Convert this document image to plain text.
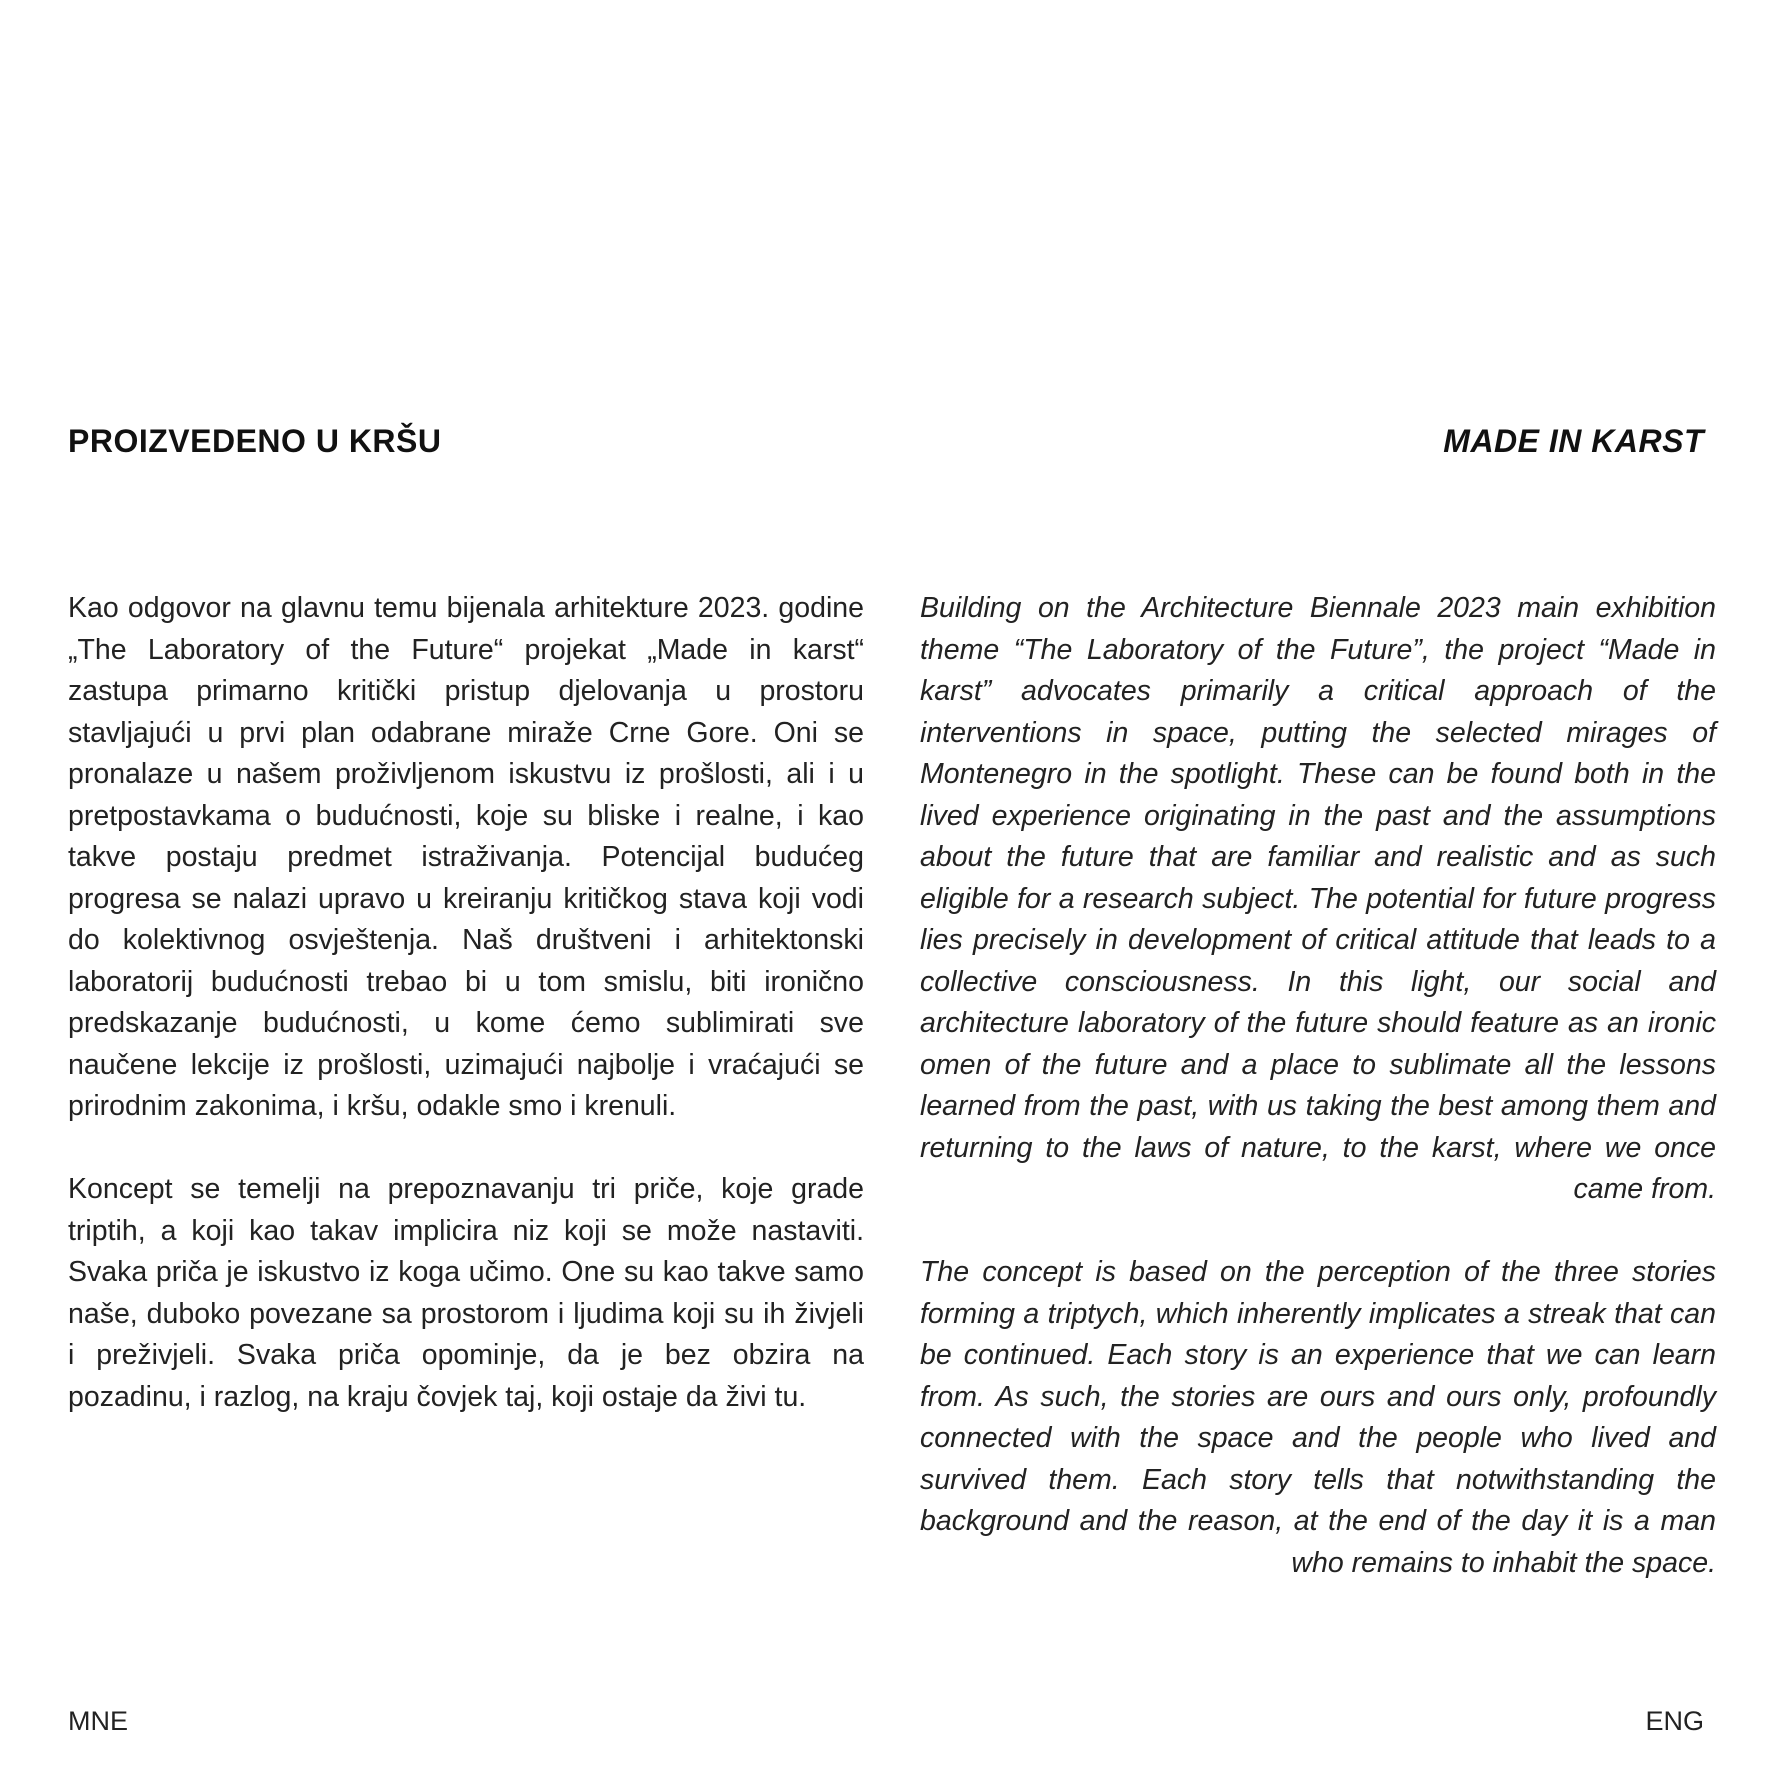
PROIZVEDENO U KRŠU	MADE IN KARST

Kao odgovor na glavnu temu bijenala arhitekture 2023. godine „The Laboratory of the Future“ projekat „Made in karst“ zastupa primarno kritički pristup djelovanja u prostoru stavljajući u prvi plan odabrane miraže Crne Gore. Oni se pronalaze u našem proživljenom iskustvu iz prošlosti, ali i u pretpostavkama o budućnosti, koje su bliske i realne, i kao takve postaju predmet istraživanja. Potencijal budućeg progresa se nalazi upravo u kreiranju kritičkog stava koji vodi do kolektivnog osvještenja. Naš društveni i arhitektonski laboratorij budućnosti trebao bi u tom smislu, biti ironično predskazanje budućnosti, u kome ćemo sublimirati sve naučene lekcije iz prošlosti, uzimajući najbolje i vraćajući se prirodnim zakonima, i kršu, odakle smo i krenuli.

Koncept se temelji na prepoznavanju tri priče, koje grade triptih, a koji kao takav implicira niz koji se može nastaviti. Svaka priča je iskustvo iz koga učimo. One su kao takve samo naše, duboko povezane sa prostorom i ljudima koji su ih živjeli i preživjeli. Svaka priča opominje, da je bez obzira na pozadinu, i razlog, na kraju čovjek taj, koji ostaje da živi tu.

Building on the Architecture Biennale 2023 main exhibition theme “The Laboratory of the Future”, the project “Made in karst” advocates primarily a critical approach of the interventions in space, putting the selected mirages of Montenegro in the spotlight. These can be found both in the lived experience originating in the past and the assumptions about the future that are familiar and realistic and as such eligible for a research subject. The potential for future progress lies precisely in development of critical attitude that leads to a collective consciousness. In this light, our social and architecture laboratory of the future should feature as an ironic omen of the future and a place to sublimate all the lessons learned from the past, with us taking the best among them and returning to the laws of nature, to the karst, where we once came from.

The concept is based on the perception of the three stories forming a triptych, which inherently implicates a streak that can be continued. Each story is an experience that we can learn from. As such, the stories are ours and ours only, profoundly connected with the space and the people who lived and survived them. Each story tells that notwithstanding the background and the reason, at the end of the day it is a man who remains to inhabit the space.

MNE	ENG
